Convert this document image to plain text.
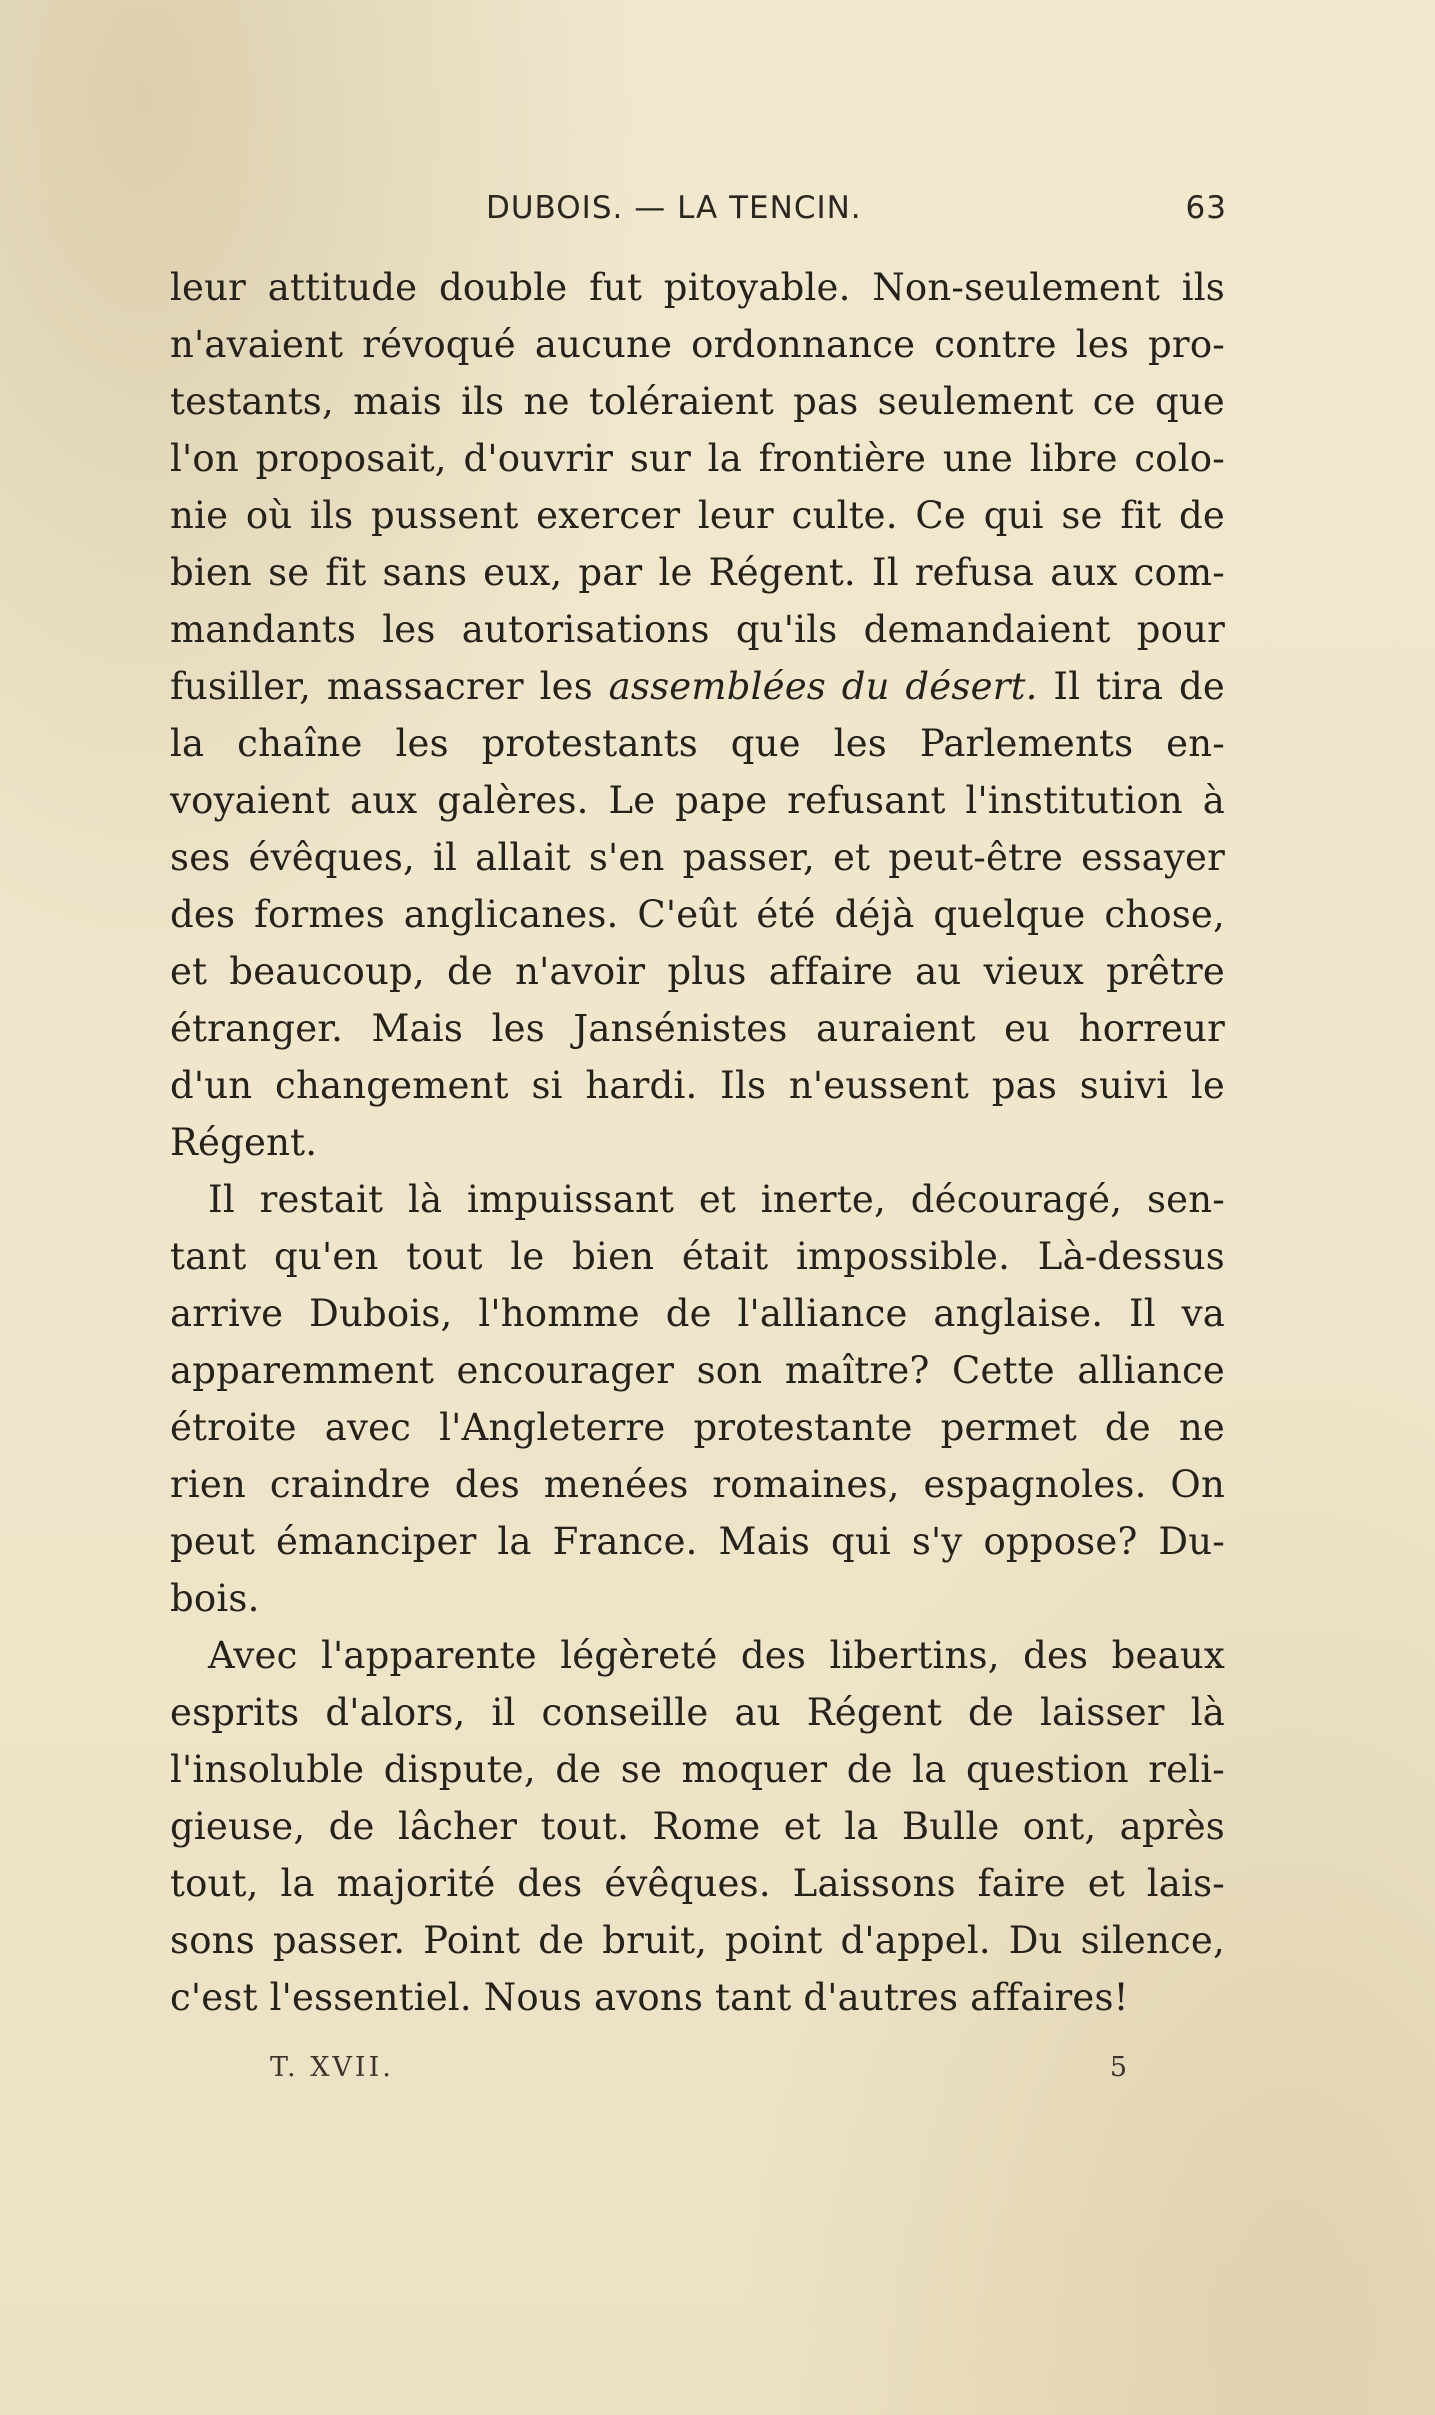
DUBOIS. — LA TENCIN.	63
leur attitude double fut pitoyable. Non-seulement ils
n'avaient révoqué aucune ordonnance contre les pro-
testants, mais ils ne toléraient pas seulement ce que
l'on proposait, d'ouvrir sur la frontière une libre colo-
nie où ils pussent exercer leur culte. Ce qui se fit de
bien se fit sans eux, par le Régent. Il refusa aux com-
mandants les autorisations qu'ils demandaient pour
fusiller, massacrer les assemblées du désert. Il tira de
la chaîne les protestants que les Parlements en-
voyaient aux galères. Le pape refusant l'institution à
ses évêques, il allait s'en passer, et peut-être essayer
des formes anglicanes. C'eût été déjà quelque chose,
et beaucoup, de n'avoir plus affaire au vieux prêtre
étranger. Mais les Jansénistes auraient eu horreur
d'un changement si hardi. Ils n'eussent pas suivi le
Régent.
Il restait là impuissant et inerte, découragé, sen-
tant qu'en tout le bien était impossible. Là-dessus
arrive Dubois, l'homme de l'alliance anglaise. Il va
apparemment encourager son maître? Cette alliance
étroite avec l'Angleterre protestante permet de ne
rien craindre des menées romaines, espagnoles. On
peut émanciper la France. Mais qui s'y oppose? Du-
bois.
Avec l'apparente légèreté des libertins, des beaux
esprits d'alors, il conseille au Régent de laisser là
l'insoluble dispute, de se moquer de la question reli-
gieuse, de lâcher tout. Rome et la Bulle ont, après
tout, la majorité des évêques. Laissons faire et lais-
sons passer. Point de bruit, point d'appel. Du silence,
c'est l'essentiel. Nous avons tant d'autres affaires!
T. XVII.	5
